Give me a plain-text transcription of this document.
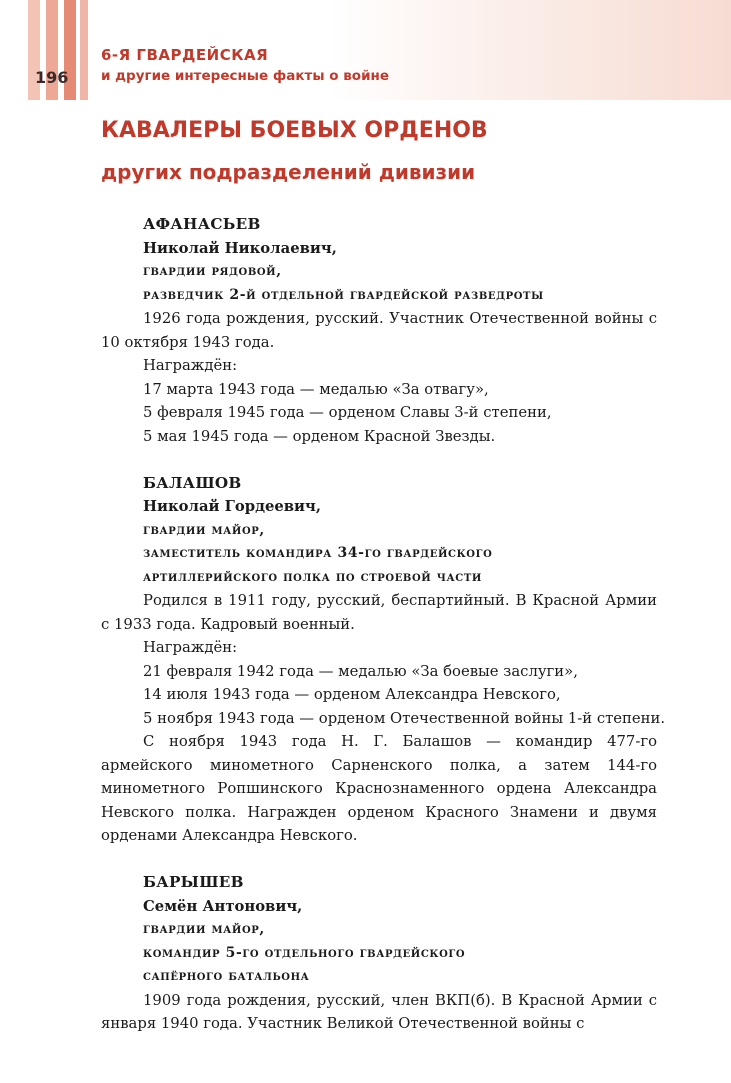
196
6-Я ГВАРДЕЙСКАЯ
и другие интересные факты о войне
КАВАЛЕРЫ БОЕВЫХ ОРДЕНОВ
других подразделений дивизии
АФАНАСЬЕВ
Николай Николаевич,
гвардии рядовой,
разведчик 2-й отдельной гвардейской разведроты
1926 года рождения, русский. Участник Отечественной войны с 10 октября 1943 года.
Награждён:
17 марта 1943 года — медалью «За отвагу»,
5 февраля 1945 года — орденом Славы 3-й степени,
5 мая 1945 года — орденом Красной Звезды.
БАЛАШОВ
Николай Гордеевич,
гвардии майор,
заместитель командира 34-го гвардейского
артиллерийского полка по строевой части
Родился в 1911 году, русский, беспартийный. В Красной Армии с 1933 года. Кадровый военный.
Награждён:
21 февраля 1942 года — медалью «За боевые заслуги»,
14 июля 1943 года — орденом Александра Невского,
5 ноября 1943 года — орденом Отечественной войны 1-й степени.
С ноября 1943 года Н. Г. Балашов — командир 477-го армейского минометного Сарненского полка, а затем 144-го минометного Ропшинского Краснознаменного ордена Александра Невского полка. Награжден орденом Красного Знамени и двумя орденами Александра Невского.
БАРЫШЕВ
Семён Антонович,
гвардии майор,
командир 5-го отдельного гвардейского
сапёрного батальона
1909 года рождения, русский, член ВКП(б). В Красной Армии с января 1940 года. Участник Великой Отечественной войны с
